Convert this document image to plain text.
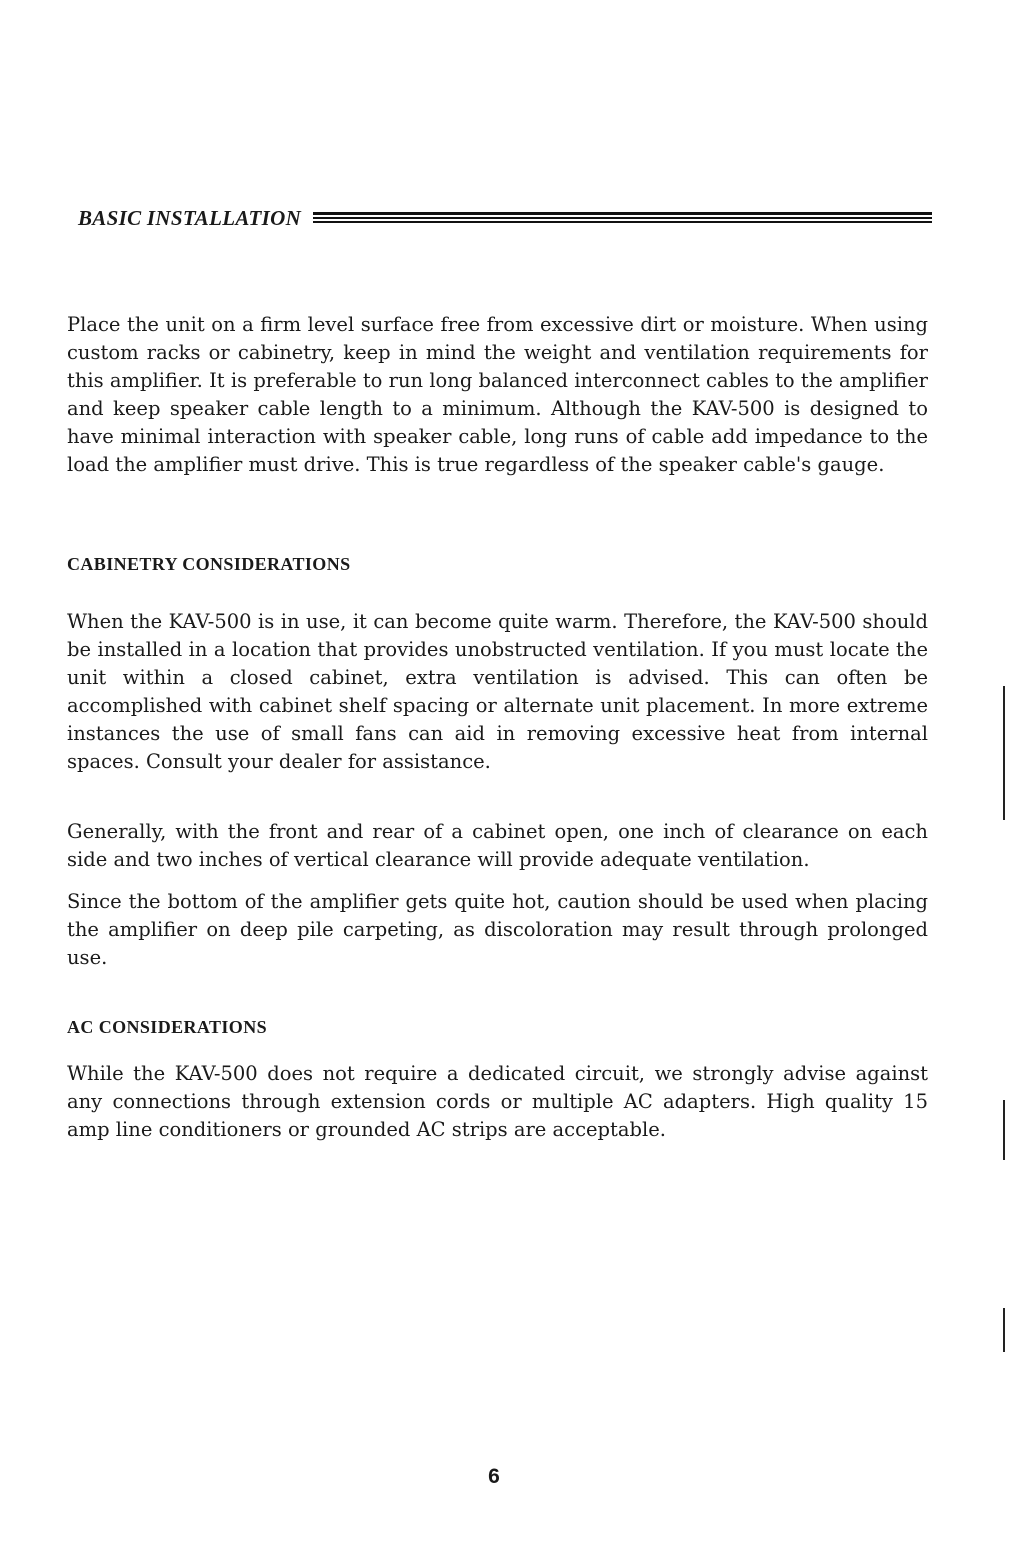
BASIC INSTALLATION

Place the unit on a firm level surface free from excessive dirt or moisture. When using custom racks or cabinetry, keep in mind the weight and ventilation requirements for this amplifier. It is preferable to run long balanced interconnect cables to the amplifier and keep speaker cable length to a minimum. Although the KAV-500 is designed to have minimal interaction with speaker cable, long runs of cable add impedance to the load the amplifier must drive. This is true regardless of the speaker cable's gauge.

CABINETRY CONSIDERATIONS

When the KAV-500 is in use, it can become quite warm. Therefore, the KAV-500 should be installed in a location that provides unobstructed ventilation. If you must locate the unit within a closed cabinet, extra ventilation is advised. This can often be accomplished with cabinet shelf spacing or alternate unit placement. In more extreme instances the use of small fans can aid in removing excessive heat from internal spaces. Consult your dealer for assistance.

Generally, with the front and rear of a cabinet open, one inch of clearance on each side and two inches of vertical clearance will provide adequate ventilation.

Since the bottom of the amplifier gets quite hot, caution should be used when placing the amplifier on deep pile carpeting, as discoloration may result through prolonged use.

AC CONSIDERATIONS

While the KAV-500 does not require a dedicated circuit, we strongly advise against any connections through extension cords or multiple AC adapters. High quality 15 amp line conditioners or grounded AC strips are acceptable.

6
